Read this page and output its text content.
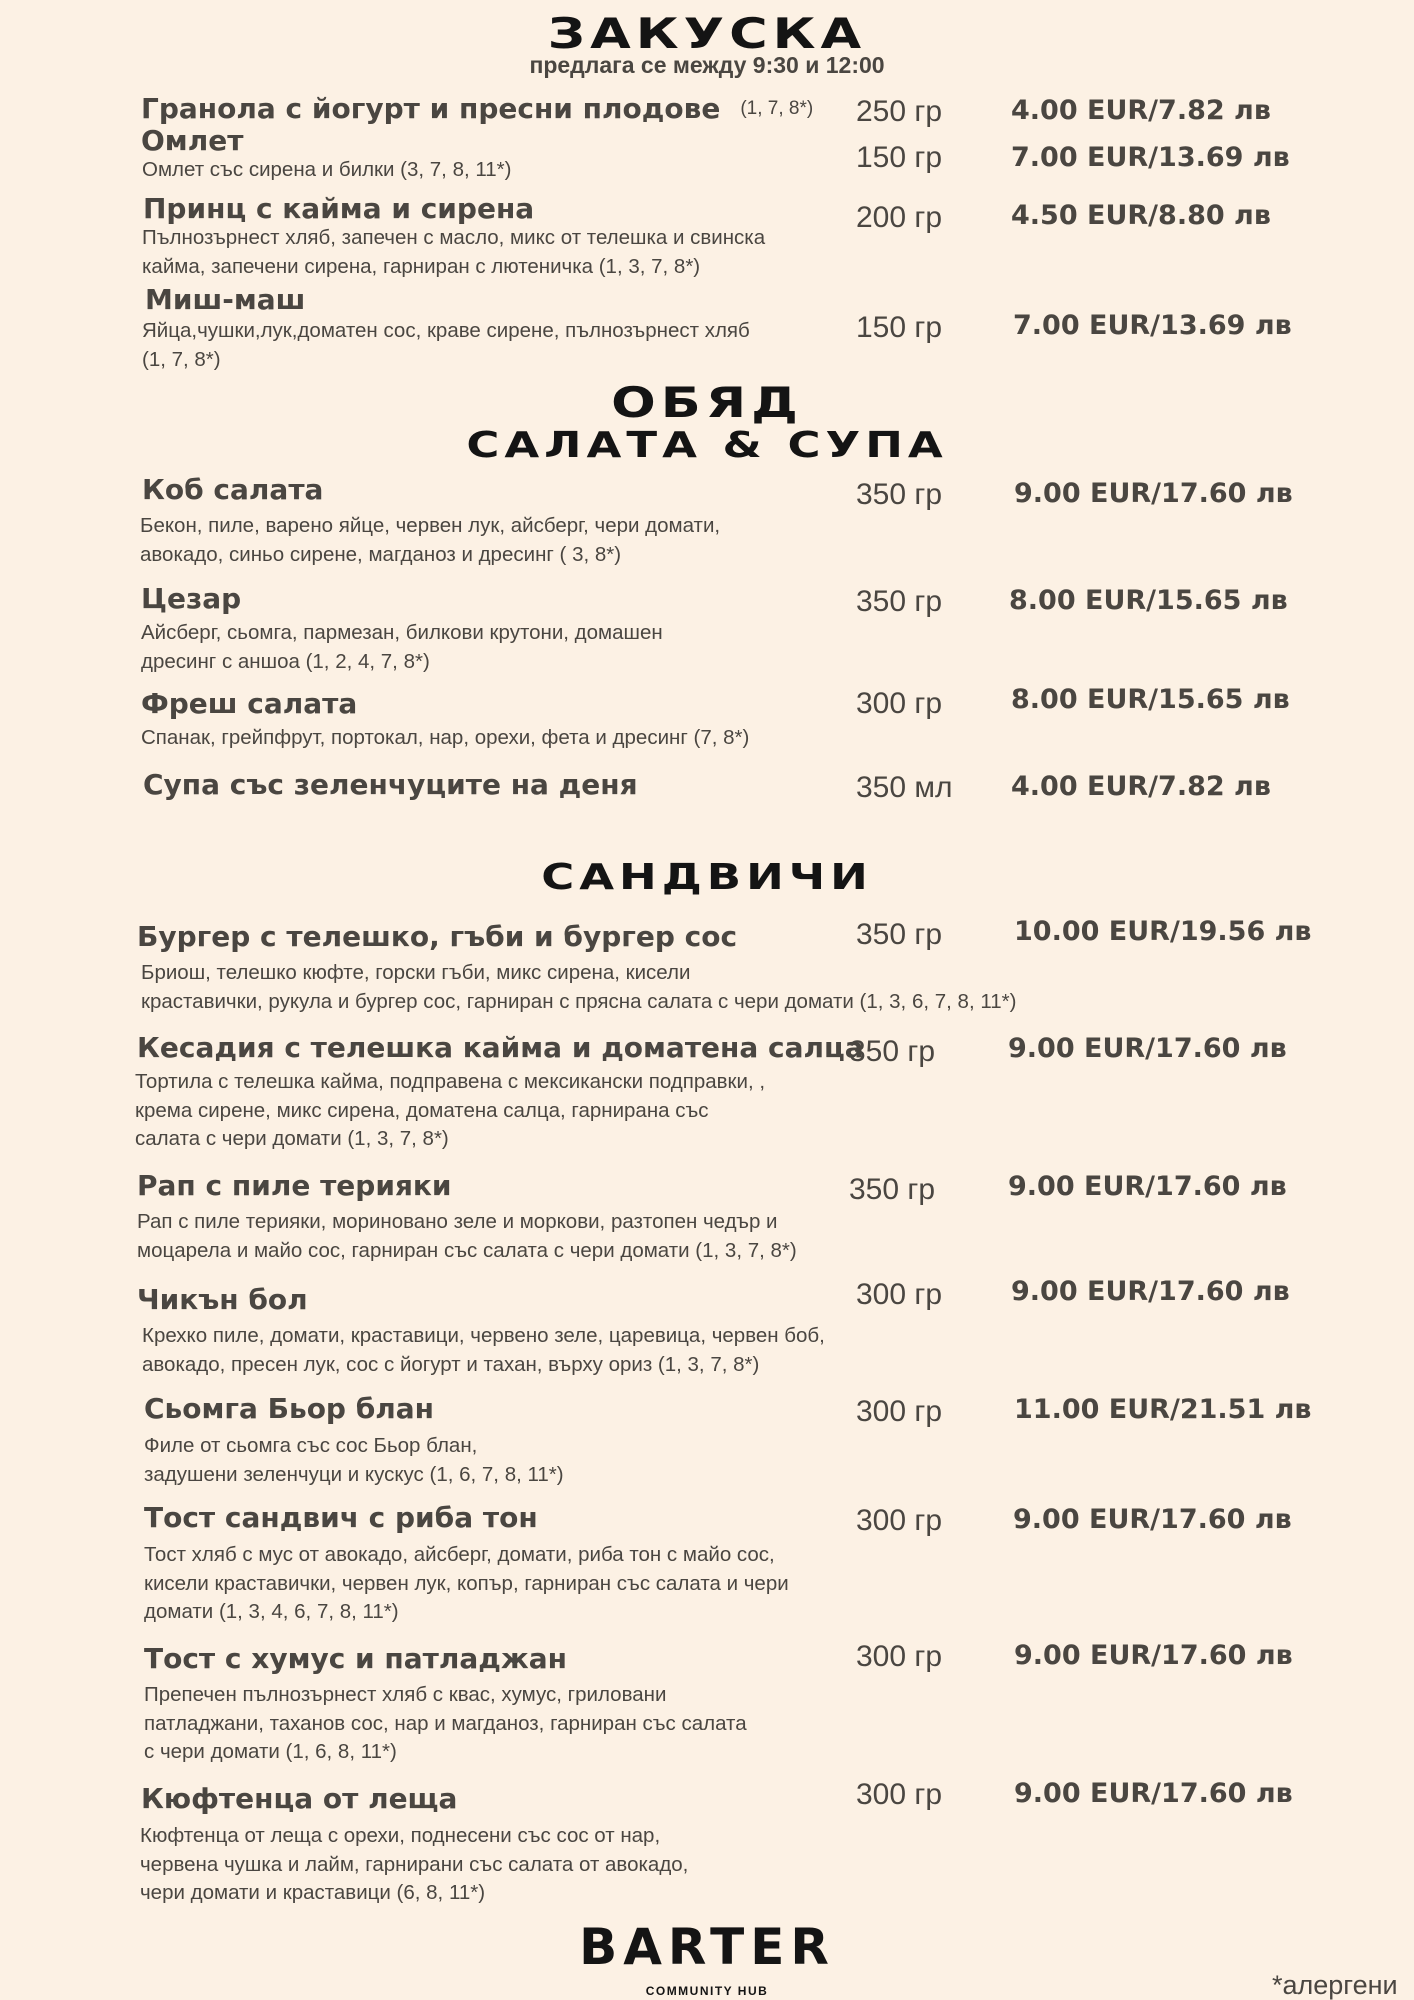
ЗАКУСКА
предлага се между 9:30 и 12:00
Гранола с йогурт и пресни плодове (1, 7, 8*) 250 гр	4.00 EUR/7.82 лв
Омлет
Омлет със сирена и билки (3, 7, 8, 11*)	150 гр	7.00 EUR/13.69 лв
Принц с кайма и сирена
Пълнозърнест хляб, запечен с масло, микс от телешка и свинска
кайма, запечени сирена, гарниран с лютеничка (1, 3, 7, 8*)
200 гр	4.50 EUR/8.80 лв
Миш-маш
Яйца,чушки,лук,доматен сос, краве сирене, пълнозърнест хляб
(1, 7, 8*)
150 гр	7.00 EUR/13.69 лв
ОБЯД
САЛАТА & СУПА
Коб салата
Бекон, пиле, варено яйце, червен лук, айсберг, чери домати,
авокадо, синьо сирене, магданоз и дресинг ( 3, 8*)
350 гр	9.00 EUR/17.60 лв
Цезар
Айсберг, сьомга, пармезан, билкови крутони, домашен
дресинг с аншоа (1, 2, 4, 7, 8*)
350 гр 8.00 EUR/15.65 лв
Фреш салата
Спанак, грейпфрут, портокал, нар, орехи, фета и дресинг (7, 8*)
300 гр	8.00 EUR/15.65 лв
Супа със зеленчуците на деня	350 мл 4.00 EUR/7.82 лв
САНДВИЧИ
Бургер с телешко, гъби и бургер сос
Бриош, телешко кюфте, горски гъби, микс сирена, кисели
краставички, рукула и бургер сос, гарниран с прясна салата с чери домати (1, 3, 6, 7, 8, 11*)
350 гр	10.00 EUR/19.56 лв
Кесадия с телешка кайма и доматена салца
Тортила с телешка кайма, подправена с мексикански подправки, ,
крема сирене, микс сирена, доматена салца, гарнирана със
салата с чери домати (1, 3, 7, 8*)
350 гр	9.00 EUR/17.60 лв
Рап с пиле терияки
Рап с пиле терияки, мориновано зеле и моркови, разтопен чедър и
моцарела и майо сос, гарниран със салата с чери домати (1, 3, 7, 8*)
350 гр	9.00 EUR/17.60 лв
Чикън бол
Крехко пиле, домати, краставици, червено зеле, царевица, червен боб,
авокадо, пресен лук, сос с йогурт и тахан, върху ориз (1, 3, 7, 8*)
300 гр	9.00 EUR/17.60 лв
Сьомга Бьор блан
Филе от сьомга със сос Бьор блан,
задушени зеленчуци и кускус (1, 6, 7, 8, 11*)
300 гр	11.00 EUR/21.51 лв
Тост сандвич с риба тон
Тост хляб с мус от авокадо, айсберг, домати, риба тон с майо сос,
кисели краставички, червен лук, копър, гарниран със салата и чери
домати (1, 3, 4, 6, 7, 8, 11*)
300 гр	9.00 EUR/17.60 лв
Тост с хумус и патладжан
Препечен пълнозърнест хляб с квас, хумус, гриловани
патладжани, таханов сос, нар и магданоз, гарниран със салата
с чери домати (1, 6, 8, 11*)
300 гр	9.00 EUR/17.60 лв
Кюфтенца от леща
Кюфтенца от леща с орехи, поднесени със сос от нар,
червена чушка и лайм, гарнирани със салата от авокадо,
чери домати и краставици (6, 8, 11*)
300 гр	9.00 EUR/17.60 лв
BARTER
COMMUNITY HUB	*алергени
